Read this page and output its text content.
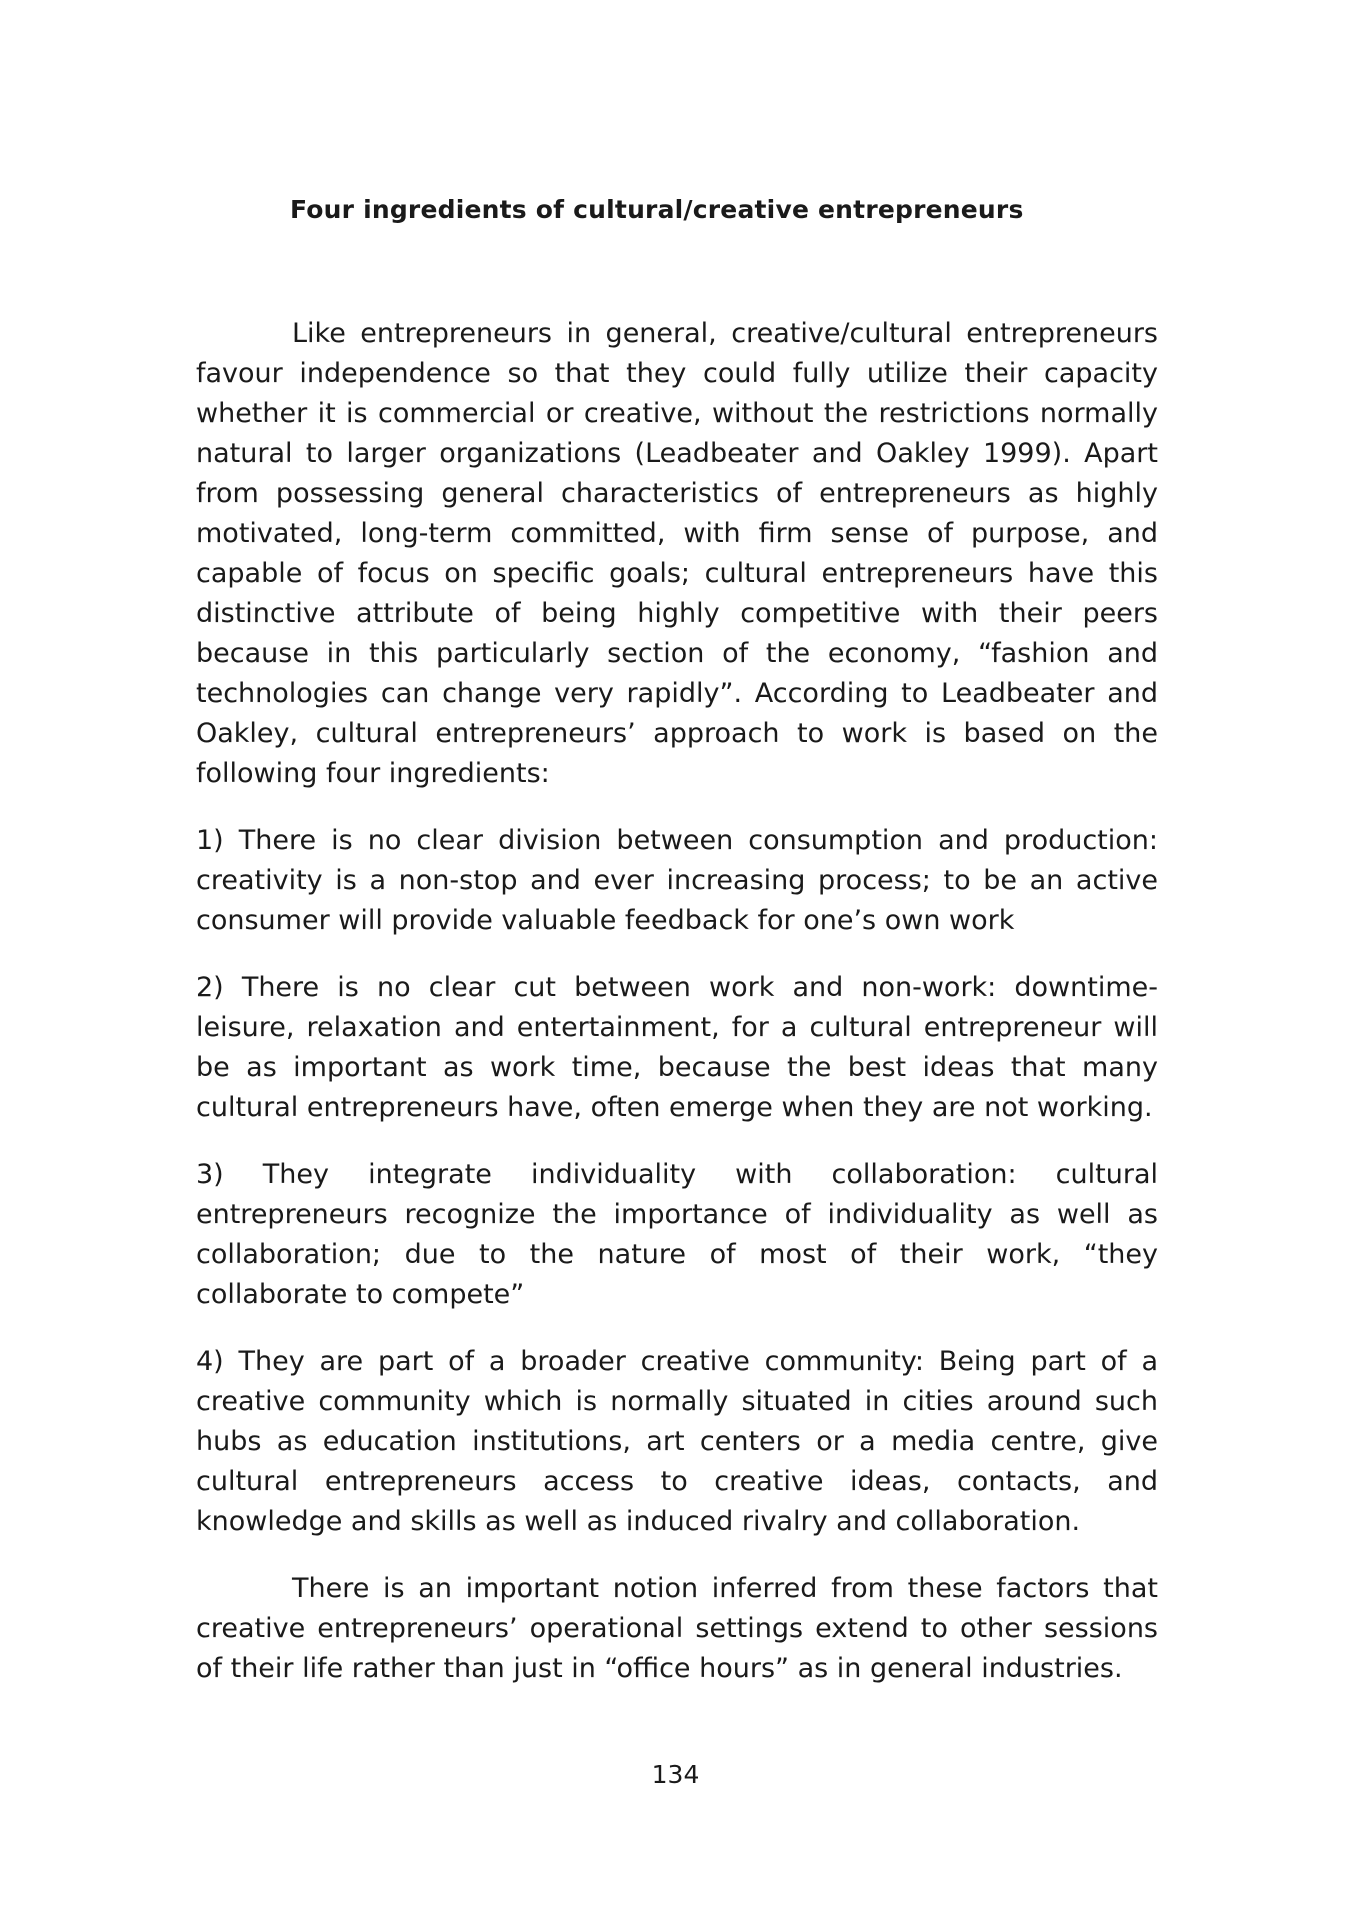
Four ingredients of cultural/creative entrepreneurs

Like entrepreneurs in general, creative/cultural entrepreneurs favour independence so that they could fully utilize their capacity whether it is commercial or creative, without the restrictions normally natural to larger organizations (Leadbeater and Oakley 1999). Apart from possessing general characteristics of entrepreneurs as highly motivated, long-term committed, with firm sense of purpose, and capable of focus on specific goals; cultural entrepreneurs have this distinctive attribute of being highly competitive with their peers because in this particularly section of the economy, “fashion and technologies can change very rapidly”. According to Leadbeater and Oakley, cultural entrepreneurs’ approach to work is based on the following four ingredients:

1) There is no clear division between consumption and production: creativity is a non-stop and ever increasing process; to be an active consumer will provide valuable feedback for one’s own work

2) There is no clear cut between work and non-work: downtime-leisure, relaxation and entertainment, for a cultural entrepreneur will be as important as work time, because the best ideas that many cultural entrepreneurs have, often emerge when they are not working.

3) They integrate individuality with collaboration: cultural entrepreneurs recognize the importance of individuality as well as collaboration; due to the nature of most of their work, “they collaborate to compete”

4) They are part of a broader creative community: Being part of a creative community which is normally situated in cities around such hubs as education institutions, art centers or a media centre, give cultural entrepreneurs access to creative ideas, contacts, and knowledge and skills as well as induced rivalry and collaboration.

There is an important notion inferred from these factors that creative entrepreneurs’ operational settings extend to other sessions of their life rather than just in “office hours” as in general industries.

134
